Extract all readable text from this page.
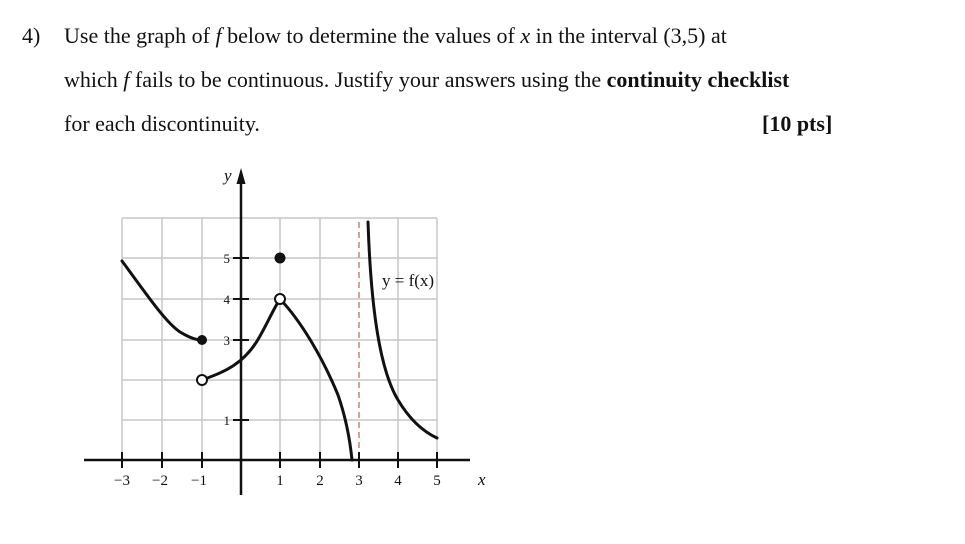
4) Use the graph of f below to determine the values of x in the interval (3,5) at
which f fails to be continuous. Justify your answers using the continuity checklist
for each discontinuity.	[10 pts]
y
x
−3 −2 −1	1 2 3 4 5
1
3
4
5
y = f(x)
